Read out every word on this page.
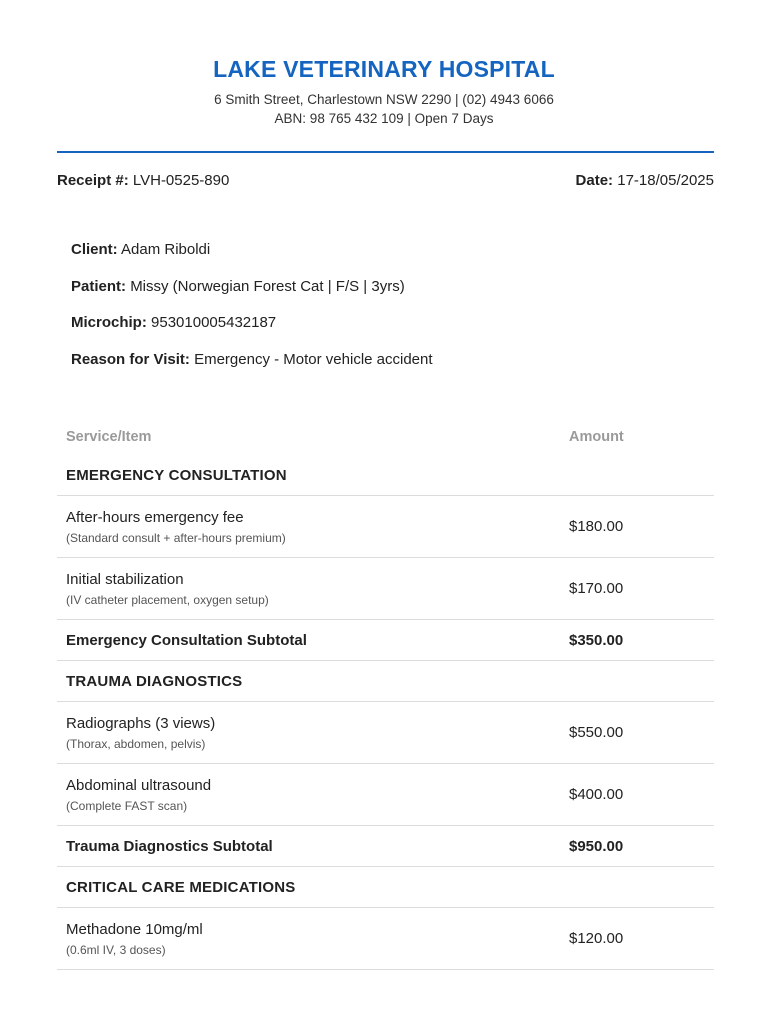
LAKE VETERINARY HOSPITAL
6 Smith Street, Charlestown NSW 2290 | (02) 4943 6066
ABN: 98 765 432 109 | Open 7 Days
Receipt #: LVH-0525-890	Date: 17-18/05/2025
Client: Adam Riboldi
Patient: Missy (Norwegian Forest Cat | F/S | 3yrs)
Microchip: 953010005432187
Reason for Visit: Emergency - Motor vehicle accident
Service/Item	Amount
EMERGENCY CONSULTATION	

After-hours emergency fee
(Standard consult + after-hours premium)	$180.00

Initial stabilization
(IV catheter placement, oxygen setup)	$170.00
Emergency Consultation Subtotal	$350.00
TRAUMA DIAGNOSTICS	

Radiographs (3 views)
(Thorax, abdomen, pelvis)	$550.00

Abdominal ultrasound
(Complete FAST scan)	$400.00
Trauma Diagnostics Subtotal	$950.00
CRITICAL CARE MEDICATIONS	

Methadone 10mg/ml
(0.6ml IV, 3 doses)	$120.00
